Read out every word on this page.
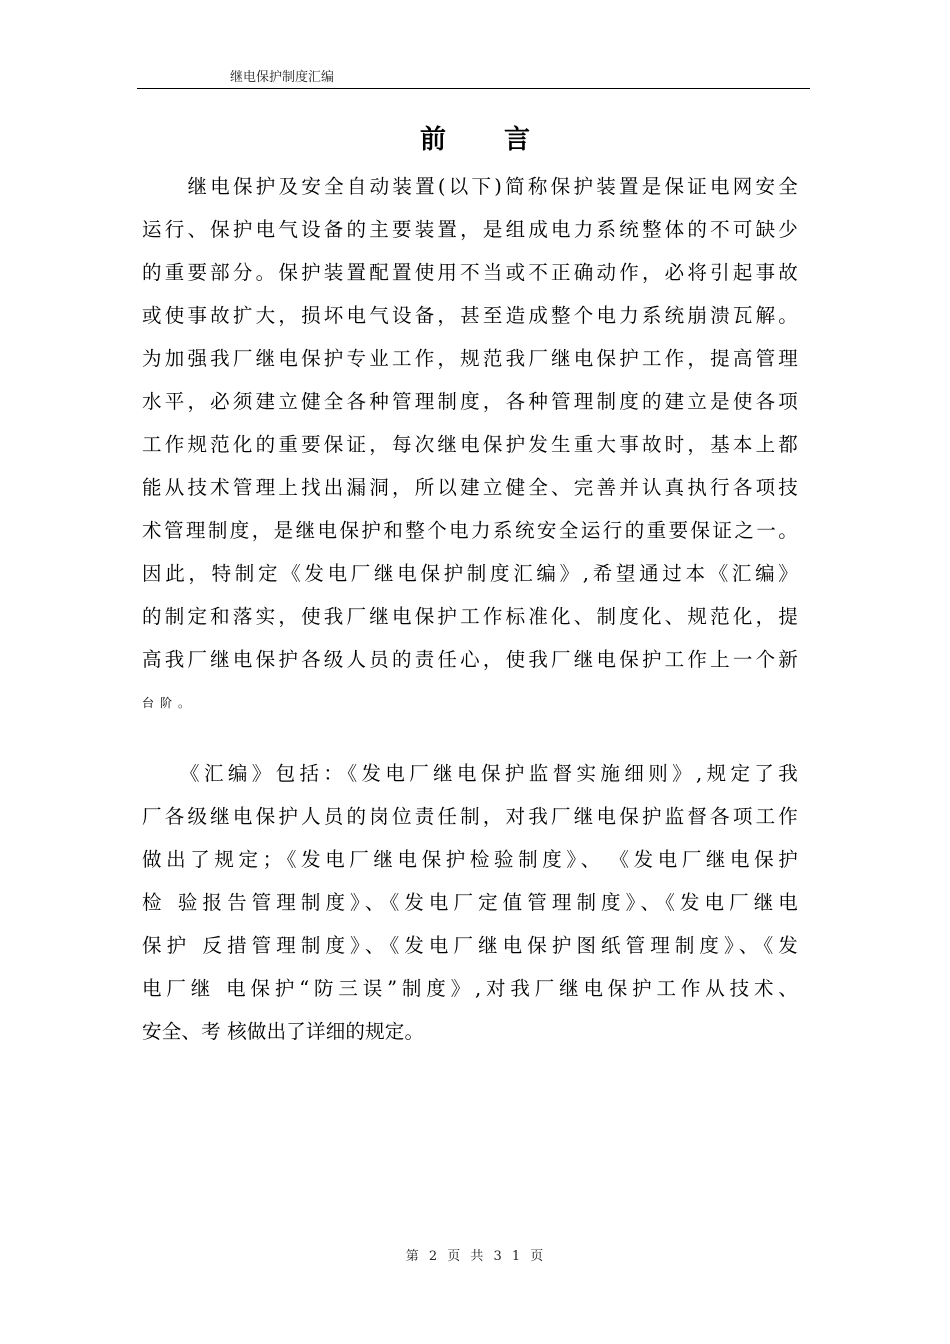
继电保护制度汇编
前 言
　　继电保护及安全自动装置(以下)简称保护装置是保证电网安全
运行、保护电气设备的主要装置，是组成电力系统整体的不可缺少
的重要部分。保护装置配置使用不当或不正确动作，必将引起事故
或使事故扩大，损坏电气设备，甚至造成整个电力系统崩溃瓦解。
为加强我厂继电保护专业工作，规范我厂继电保护工作，提高管理
水平，必须建立健全各种管理制度，各种管理制度的建立是使各项
工作规范化的重要保证，每次继电保护发生重大事故时，基本上都
能从技术管理上找出漏洞，所以建立健全、完善并认真执行各项技
术管理制度，是继电保护和整个电力系统安全运行的重要保证之一。
因此，特制定《发电厂继电保护制度汇编》,希望通过本《汇编》
的制定和落实，使我厂继电保护工作标准化、制度化、规范化，提
高我厂继电保护各级人员的责任心，使我厂继电保护工作上一个新
台阶。
　　《汇编》包括：《发电厂继电保护监督实施细则》,规定了我
厂各级继电保护人员的岗位责任制，对我厂继电保护监督各项工作
做出了规定；《发电厂继电保护检验制度》、　《发电厂继电保护
检 验报告管理制度》、《发电厂定值管理制度》、《发电厂继电
保护 反措管理制度》、《发电厂继电保护图纸管理制度》、《发
电厂继 电保护“防三误”制度》,对我厂继电保护工作从技术、
安全、考 核做出了详细的规定。
第 2 页 共 3 1 页
